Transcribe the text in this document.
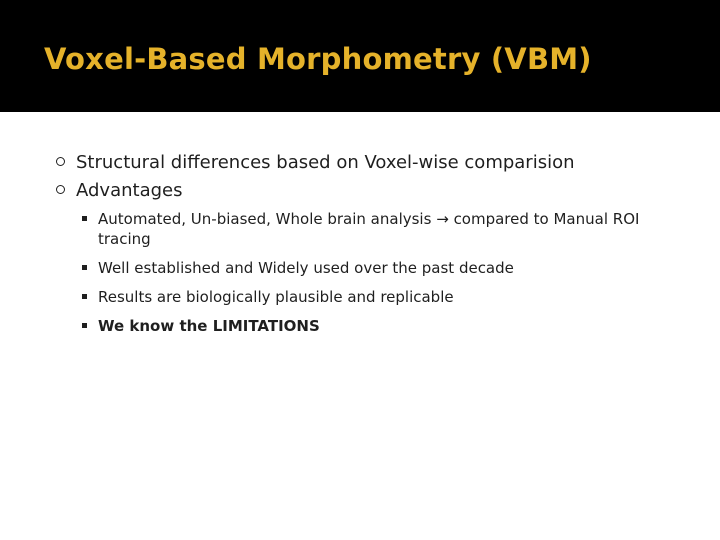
Voxel-Based Morphometry (VBM)
Structural differences based on Voxel-wise comparision
Advantages
Automated, Un-biased, Whole brain analysis → compared to Manual ROI tracing
Well established and Widely used over the past decade
Results are biologically plausible and replicable
We know the LIMITATIONS
